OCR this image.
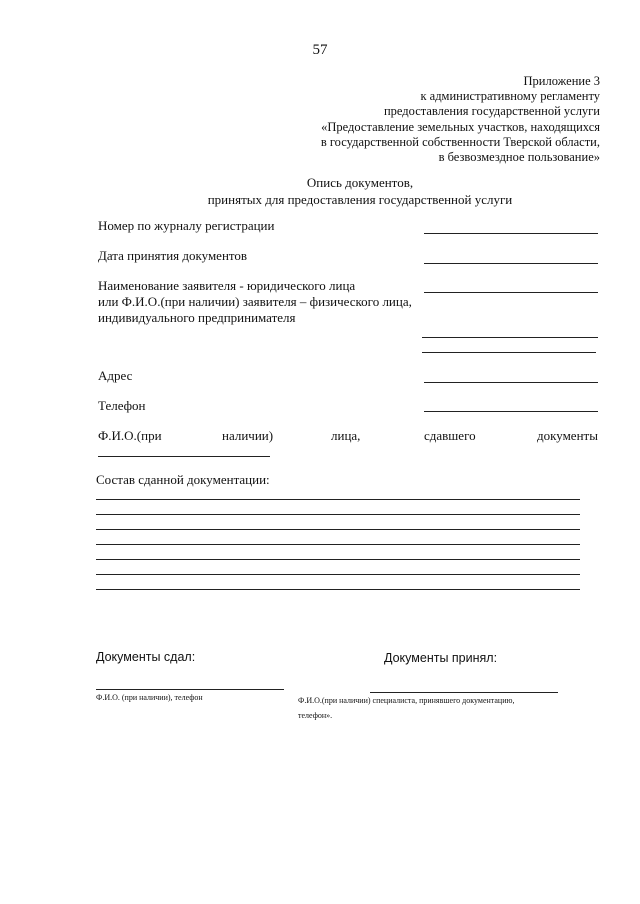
57
Приложение 3
к административному регламенту
предоставления государственной услуги
«Предоставление земельных участков, находящихся
в государственной собственности Тверской области,
в безвозмездное пользование»
Опись документов,
принятых для предоставления государственной услуги
Номер по журналу регистрации
Дата принятия документов
Наименование заявителя - юридического лица
или Ф.И.О.(при наличии) заявителя – физического лица,
индивидуального предпринимателя
Адрес
Телефон
Ф.И.О.(при	наличии)	лица,	сдавшего	документы
Состав сданной документации:
Документы сдал:	Документы принял:
Ф.И.О. (при наличии), телефон	Ф.И.О.(при наличии) специалиста, принявшего документацию,
телефон».
